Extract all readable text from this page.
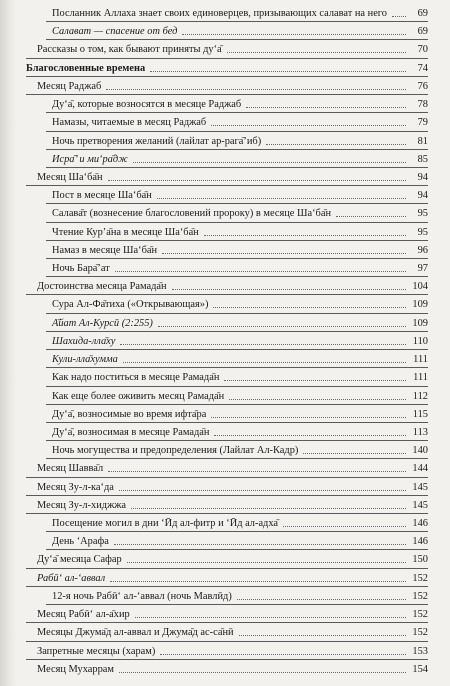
Посланник Аллаха знает своих единоверцев, призывающих салават на него	69
Салават — спасение от бед	69
Рассказы о том, как бывают приняты ду‘а̄	70
Благословенные времена	74
Месяц Раджаб	76
Ду‘а̄, которые возносятся в месяце Раджаб	78
Намазы, читаемые в месяц Раджаб	79
Ночь претворения желаний (лайлат ар-рага̄’иб)	81
Исра̄’ и ми‘ра̄дж	85
Месяц Ша‘ба̄н	94
Пост в месяце Ша‘ба̄н	94
Салава̄т (вознесение благословений пророку) в месяце Ша‘ба̄н	95
Чтение Кур’а̄на в месяце Ша‘ба̄н	95
Намаз в месяце Ша‘ба̄н	96
Ночь Бара̄’ат	97
Достоинства месяца Рамада̄н	104
Сура Ал-Фа̄тиха («Открывающая»)	109
А̄йат Ал-Курсӣ (2:255)	109
Шахида-лла̄ху	110
Кули-лла̄хумма	111
Как надо поститься в месяце Рамада̄н	111
Как еще более оживить месяц Рамада̄н	112
Ду‘а̄, возносимые во время ифта̄ра	115
Ду‘а̄, возносимая в месяце Рамада̄н	113
Ночь могущества и предопределения (Лайлат Ал-Кадр)	140
Месяц Шавва̄л	144
Месяц Зу-л-ка‘да	145
Месяц Зу-л-хиджжа	145
Посещение могил в дни ‘Ӣд ал-фитр и ‘Ӣд ал-адха̄	146
День ‘Арафа	146
Ду‘а̄ месяца Сафар	150
Рабӣ‘ ал-‘аввал	152
12-я ночь Рабӣ‘ ал-‘аввал (ночь Мавлӣд)	152
Месяц Рабӣ‘ ал-а̄хир	152
Месяцы Джума̄д ал-аввал и Джума̄д ас-са̄нӣ	152
Запретные месяцы (харам)	153
Месяц Мухаррам	154
